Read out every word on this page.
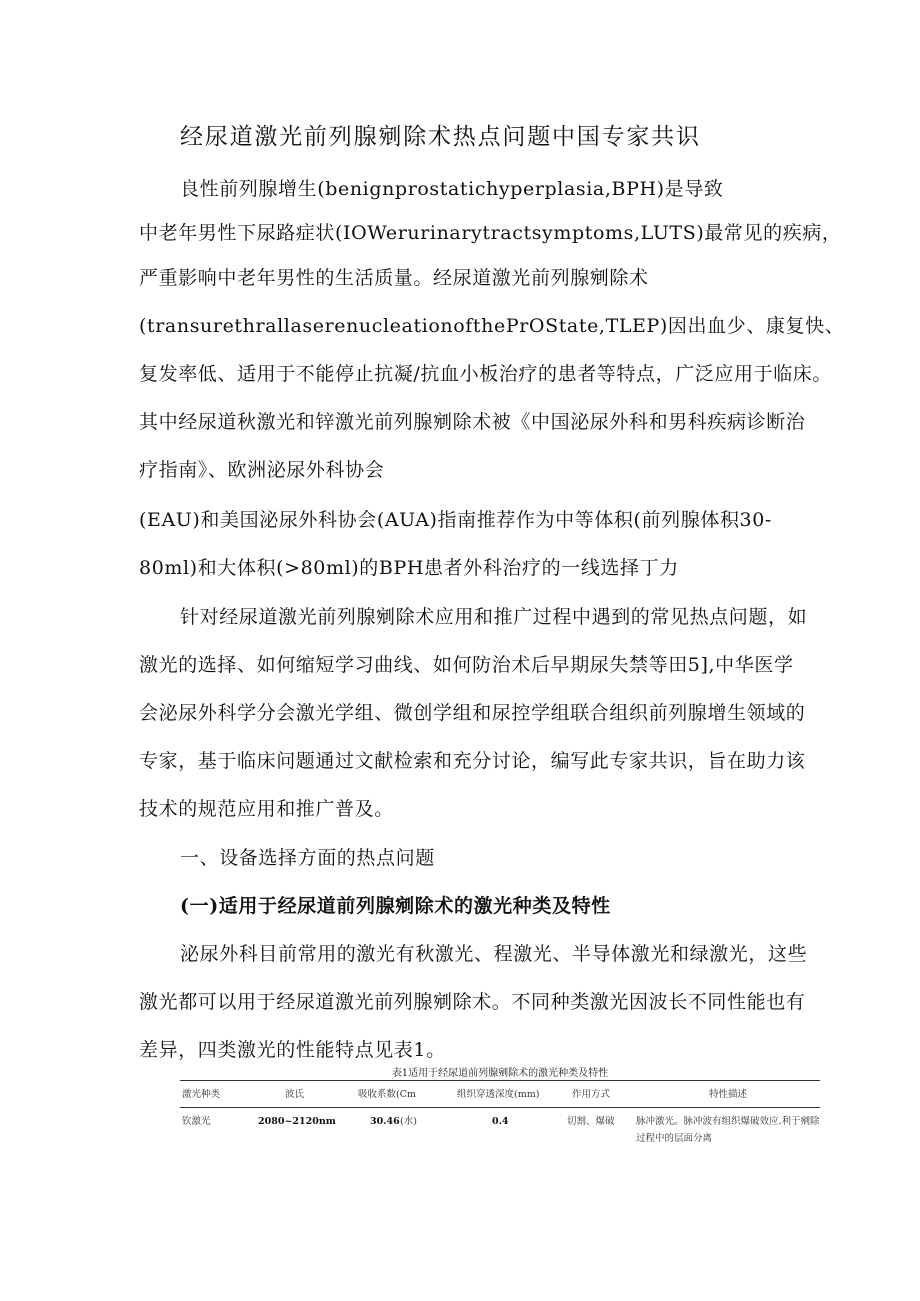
经尿道激光前列腺剜除术热点问题中国专家共识
良性前列腺增生(benignprostatichyperplasia,BPH)是导致
中老年男性下尿路症状(IOWerurinarytractsymptoms,LUTS)最常见的疾病，
严重影响中老年男性的生活质量。经尿道激光前列腺剜除术
(transurethrallaserenucleationofthePrOState,TLEP)因出血少、康复快、
复发率低、适用于不能停止抗凝/抗血小板治疗的患者等特点，广泛应用于临床。
其中经尿道秋激光和锌激光前列腺剜除术被《中国泌尿外科和男科疾病诊断治
疗指南》、欧洲泌尿外科协会
(EAU)和美国泌尿外科协会(AUA)指南推荐作为中等体积(前列腺体积30-
80ml)和大体积(>80ml)的BPH患者外科治疗的一线选择丁力
针对经尿道激光前列腺剜除术应用和推广过程中遇到的常见热点问题，如
激光的选择、如何缩短学习曲线、如何防治术后早期尿失禁等田5],中华医学
会泌尿外科学分会激光学组、微创学组和尿控学组联合组织前列腺增生领域的
专家，基于临床问题通过文献检索和充分讨论，编写此专家共识，旨在助力该
技术的规范应用和推广普及。
一、设备选择方面的热点问题
(一)适用于经尿道前列腺剜除术的激光种类及特性
泌尿外科目前常用的激光有秋激光、程激光、半导体激光和绿激光，这些
激光都可以用于经尿道激光前列腺剜除术。不同种类激光因波长不同性能也有
差异，四类激光的性能特点见表1。
表1适用于经尿道前列腺剜除术的激光种类及特性
激光种类	波氏	吸收系数(Cm	组织穿透深度(mm)	作用方式	特性描述
钦激光	2080~2120nm	30.46 (水)	0.4	切割、爆破 脉冲激光。脉冲波有组织爆破效应.利于剜除
过程中的层面分离
